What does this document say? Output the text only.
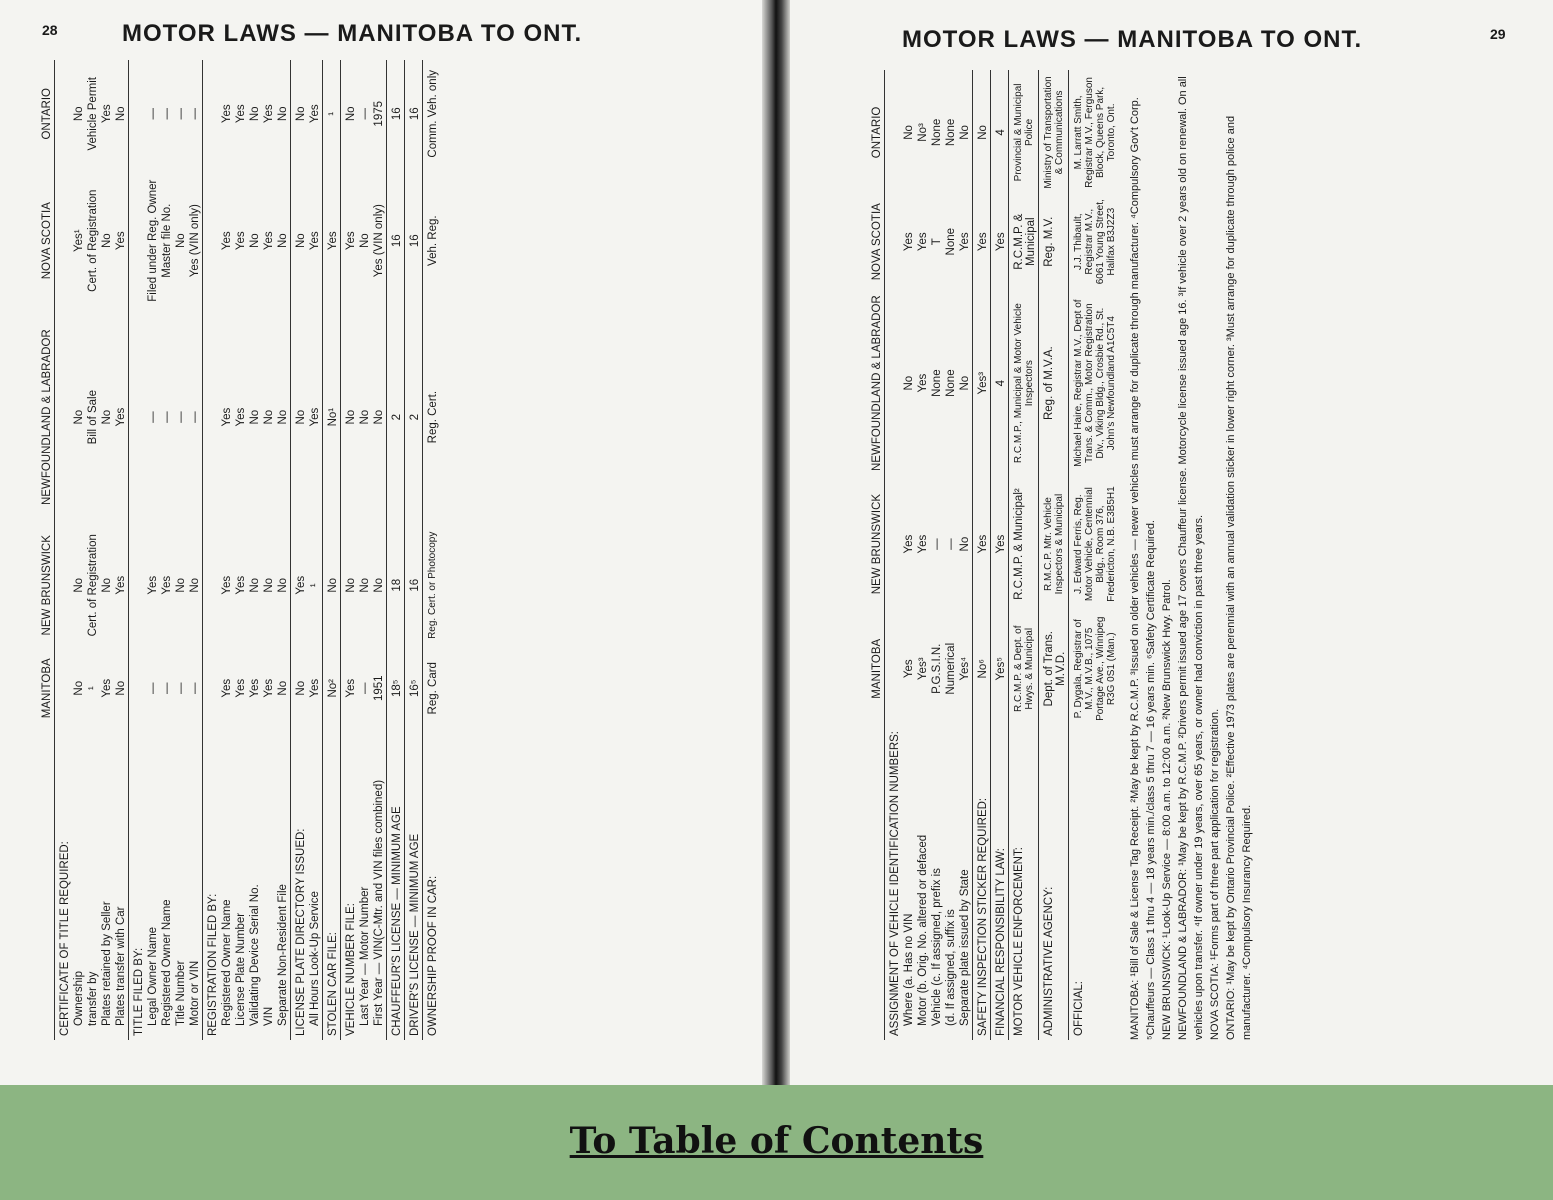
28	MOTOR LAWS — MANITOBA TO ONT.
	MANITOBA	NEW BRUNSWICK	NEWFOUNDLAND & LABRADOR	NOVA SCOTIA	ONTARIO
CERTIFICATE OF TITLE REQUIRED:					
Ownership	No	No	No	Yes¹	No
transfer by	¹	Cert. of Registration	Bill of Sale	Cert. of Registration	Vehicle Permit
Plates retained by Seller	Yes	No	No	No	Yes
Plates transfer with Car	No	Yes	Yes	Yes	No
TITLE FILED BY:					
Legal Owner Name	—	Yes	—	Filed under Reg. Owner	—
Registered Owner Name	—	Yes	—	Master file No.	—
Title Number	—	No	—	No	—
Motor or VIN	—	No	—	Yes (VIN only)	—
REGISTRATION FILED BY:					
Registered Owner Name	Yes	Yes	Yes	Yes	Yes
License Plate Number	Yes	Yes	Yes	Yes	Yes
Validating Device Serial No.	Yes	No	No	No	No
VIN	Yes	No	No	Yes	Yes
Separate Non-Resident File	No	No	No	No	No
LICENSE PLATE DIRECTORY ISSUED:	No	Yes	No	No	No
All Hours Look-Up Service	Yes	¹	Yes	Yes	Yes
STOLEN CAR FILE:	No²	No	No¹	Yes	¹
VEHICLE NUMBER FILE:	Yes	No	No	Yes	No
Last Year — Motor Number	—	No	No	No	—
First Year — VIN(C-Mtr. and VIN files combined)	1951	No	No	Yes (VIN only)	1975
CHAUFFEUR'S LICENSE — MINIMUM AGE	18⁵	18	2	16	16
DRIVER'S LICENSE — MINIMUM AGE	16⁵	16	2	16	16
OWNERSHIP PROOF IN CAR:	Reg. Card	Reg. Cert. or Photocopy	Reg. Cert.	Veh. Reg.	Comm. Veh. only
MOTOR LAWS — MANITOBA TO ONT.	29
	MANITOBA	NEW BRUNSWICK	NEWFOUNDLAND & LABRADOR	NOVA SCOTIA	ONTARIO
ASSIGNMENT OF VEHICLE IDENTIFICATION NUMBERS:					
Where (a. Has no VIN	Yes	Yes	No	Yes	No
Motor (b. Orig. No. altered or defaced	Yes³	Yes	Yes	Yes	No³
Vehicle (c. If assigned, prefix is	P.G.S.I.N.	—	None	T	None
(d. If assigned, suffix is	Numerical	—	None	None	None
Separate plate issued by State	Yes⁴	No	No	Yes	No
SAFETY INSPECTION STICKER REQUIRED:	No⁶	Yes	Yes³	Yes	No
FINANCIAL RESPONSIBILITY LAW:	Yes⁵	Yes	4	Yes	4
MOTOR VEHICLE ENFORCEMENT:	R.C.M.P. & Dept. of Hwys. & Municipal	R.C.M.P. & Municipal²	R.C.M.P., Municipal & Motor Vehicle Inspectors	R.C.M.P. & Municipal	Provincial & Municipal Police
ADMINISTRATIVE AGENCY:	Dept. of Trans. M.V.D.	R.M.C.P. Mtr. Vehicle Inspectors & Municipal	Reg. of M.V.A.	Reg. M.V.	Ministry of Transportation & Communications
OFFICIAL:	P. Dygala, Registrar of M.V., M.V.B., 1075 Portage Ave., Winnipeg R3G 0S1 (Man.)	J. Edward Ferris, Reg. Motor Vehicle, Centennial Bldg., Room 376, Fredericton, N.B. E3B5H1	Michael Haire, Registrar M.V., Dept of Trans. & Comm., Motor Registration Div., Viking Bldg., Crosbie Rd., St. John's Newfoundland A1C5T4	J.J. Thibault, Registrar M.V., 6061 Young Street, Halifax B3J2Z3	M. Larratt Smith, Registrar M.V., Ferguson Block, Queens Park, Toronto, Ont. MANITOBA: ¹Bill of Sale & License Tag Receipt. ²May be kept by R.C.M.P. ³Issued on older vehicles — newer vehicles must arrange for duplicate through manufacturer. ⁴Compulsory Gov't Corp. ⁵Chauffeurs — Class 1 thru 4 — 18 years min./class 5 thru 7 — 16 years min. ⁶Safety Certificate Required. NEW BRUNSWICK: ¹Look-Up Service — 8:00 a.m. to 12:00 a.m. ²New Brunswick Hwy. Patrol. NEWFOUNDLAND & LABRADOR: ¹May be kept by R.C.M.P. ²Drivers permit issued age 17 covers Chauffeur license. Motorcycle license issued age 16. ³If vehicle over 2 years old on renewal. On all vehicles upon transfer. ⁴If owner under 19 years, over 65 years, or owner had conviction in past three years. NOVA SCOTIA: ¹Forms part of three part application for registration. ONTARIO: ¹May be kept by Ontario Provincial Police. ²Effective 1973 plates are perennial with an annual validation sticker in lower right corner. ³Must arrange for duplicate through police and manufacturer. ⁴Compulsory Insurancy Required.

To Table of Contents
